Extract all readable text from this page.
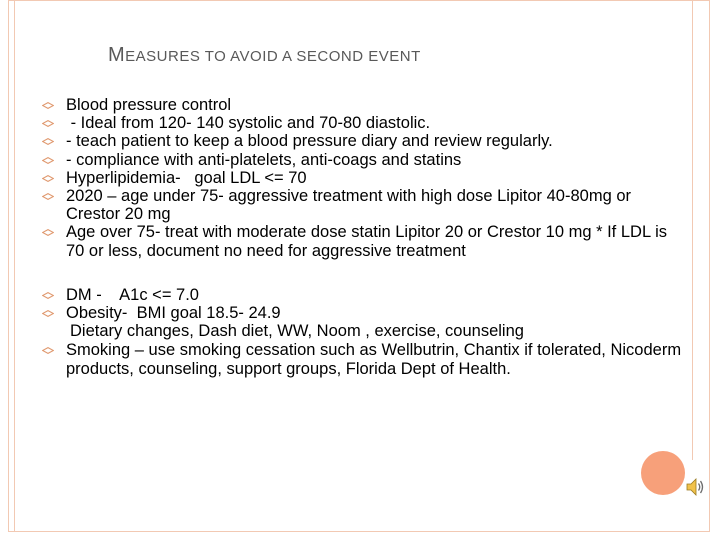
MEASURES TO AVOID A SECOND EVENT
Blood pressure control
- Ideal from 120- 140 systolic and 70-80 diastolic.
- teach patient to keep a blood pressure diary and review regularly.
- compliance with anti-platelets, anti-coags and statins
Hyperlipidemia-   goal LDL <= 70
2020 – age under 75- aggressive treatment with high dose Lipitor 40-80mg or Crestor 20 mg
Age over 75- treat with moderate dose statin Lipitor 20 or Crestor 10 mg * If LDL is 70 or less, document no need for aggressive treatment
DM -    A1c <= 7.0
Obesity-  BMI goal 18.5- 24.9
Dietary changes, Dash diet, WW, Noom , exercise, counseling
Smoking – use smoking cessation such as Wellbutrin, Chantix if tolerated, Nicoderm products, counseling, support groups, Florida Dept of Health.
